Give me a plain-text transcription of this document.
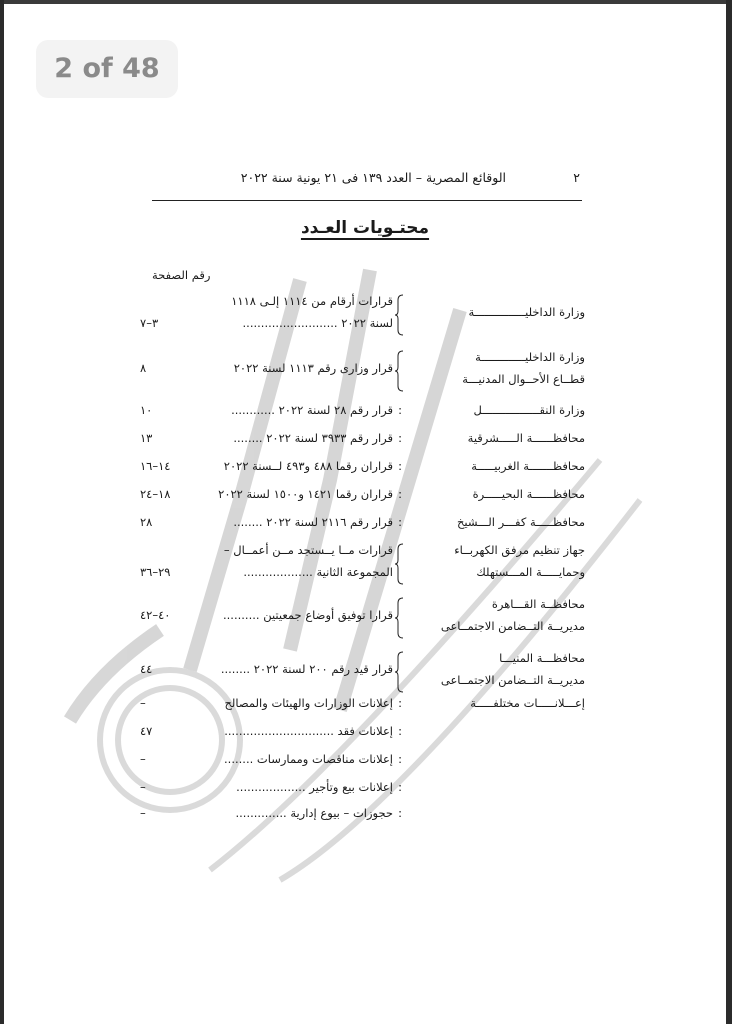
2 of 48
٢
الوقائع المصرية – العدد ١٣٩ فى ٢١ يونية سنة ٢٠٢٢
محتـويات العـدد
رقم الصفحة
وزارة الداخليـــــــــــــــة
قرارات أرقام من ١١١٤ إلـى ١١١٨
لسنة ٢٠٢٢ ..........................
٣–٧
وزارة الداخليـــــــــــــة
قطــاع الأحــوال المدنيـــة
قرار وزارى رقم ١١١٣ لسنة ٢٠٢٢
٨
وزارة النقـــــــــــــــــل
:
قرار رقم ٢٨ لسنة ٢٠٢٢ ............
١٠
محافظــــــة الـــــشرقية
:
قرار رقم ٣٩٣٣ لسنة ٢٠٢٢ ........
١٣
محافظـــــــة الغربيـــــة
:
قراران رقما ٤٨٨ و٤٩٣ لــسنة ٢٠٢٢
١٤–١٦
محافظــــــة البحيـــــرة
:
قراران رقما ١٤٢١ و١٥٠٠ لسنة ٢٠٢٢
١٨–٢٤
محافظـــــة كفـــر الـــشيخ
:
قرار رقم ٢١١٦ لسنة ٢٠٢٢ ........
٢٨
جهاز تنظيم مرفق الكهربــاء
وحمايـــــة المـــستهلك
قرارات مــا يــستجد مــن أعمــال –
المجموعة الثانية ...................
٢٩–٣٦
محافظــة القـــاهرة
مديريــة التــضامن الاجتمــاعى
قرارا توفيق أوضاع جمعيتين ..........
٤٠–٤٢
محافظـــة المنيـــا
مديريــة التــضامن الاجتمــاعى
قرار قيد رقم ٢٠٠ لسنة ٢٠٢٢ ........
٤٤
إعـــلانـــــات مختلفـــــة
:
إعلانات الوزارات والهيئات والمصالح
–
:
إعلانات فقد ..............................
٤٧
:
إعلانات مناقصات وممارسات ........
–
:
إعلانات بيع وتأجير ...................
–
:
حجوزات – بيوع إدارية ..............
–
